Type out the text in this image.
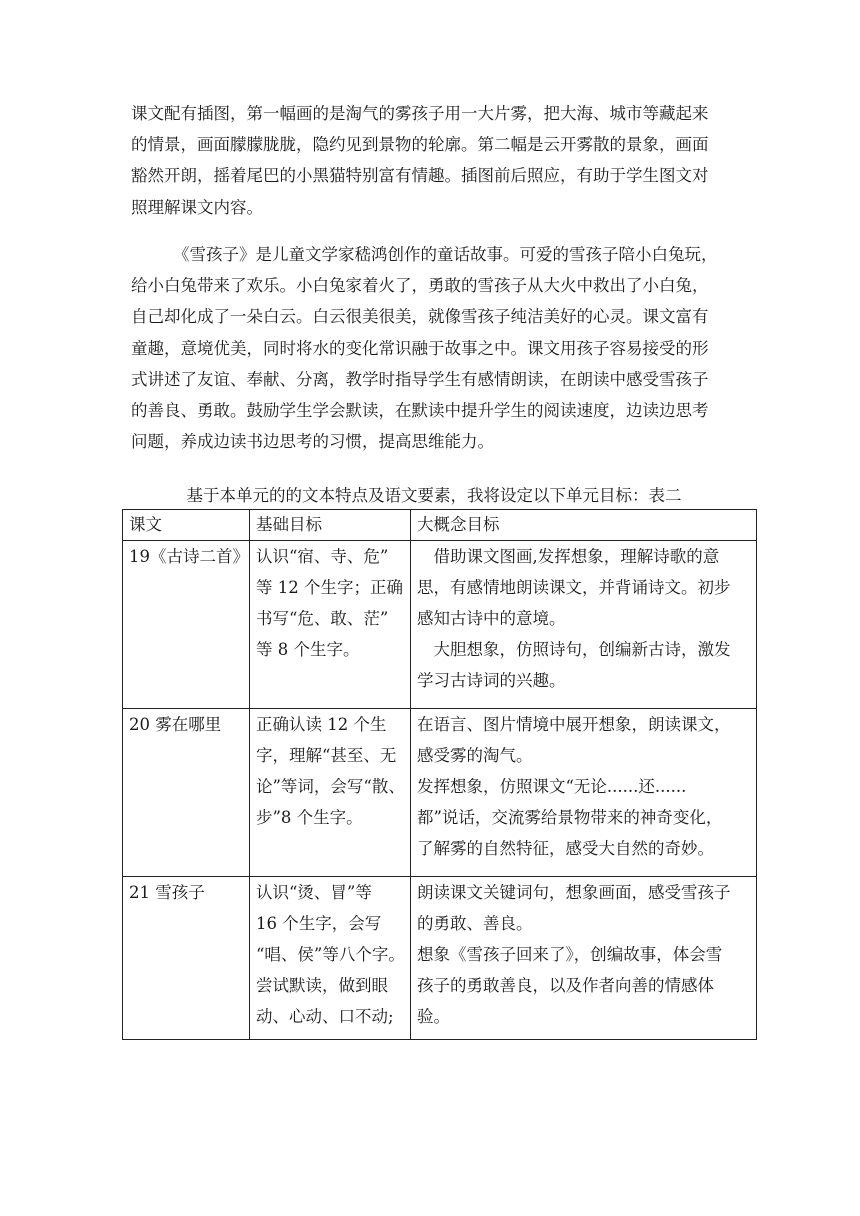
课文配有插图，第一幅画的是淘气的雾孩子用一大片雾，把大海、城市等藏起来
的情景，画面朦朦胧胧，隐约见到景物的轮廓。第二幅是云开雾散的景象，画面
豁然开朗，摇着尾巴的小黑猫特别富有情趣。插图前后照应，有助于学生图文对
照理解课文内容。

《雪孩子》是儿童文学家嵇鸿创作的童话故事。可爱的雪孩子陪小白兔玩，
给小白兔带来了欢乐。小白兔家着火了，勇敢的雪孩子从大火中救出了小白兔，
自己却化成了一朵白云。白云很美很美，就像雪孩子纯洁美好的心灵。课文富有
童趣，意境优美，同时将水的变化常识融于故事之中。课文用孩子容易接受的形
式讲述了友谊、奉献、分离，教学时指导学生有感情朗读，在朗读中感受雪孩子
的善良、勇敢。鼓励学生学会默读，在默读中提升学生的阅读速度，边读边思考
问题，养成边读书边思考的习惯，提高思维能力。

基于本单元的的文本特点及语文要素，我将设定以下单元目标：表二

课文	基础目标	大概念目标

19《古诗二首》	认识“宿、寺、危”
等 12 个生字；正确
书写“危、敢、茫”
等 8 个生字。	　借助课文图画,发挥想象，理解诗歌的意
思，有感情地朗读课文，并背诵诗文。初步
感知古诗中的意境。
　大胆想象，仿照诗句，创编新古诗，激发
学习古诗词的兴趣。

20 雾在哪里	正确认读 12 个生
字，理解“甚至、无
论”等词，会写“散、
步”8 个生字。	在语言、图片情境中展开想象，朗读课文，
感受雾的淘气。
发挥想象，仿照课文“无论......还......
都”说话，交流雾给景物带来的神奇变化，
了解雾的自然特征，感受大自然的奇妙。

21 雪孩子	认识“烫、冒”等
16 个生字，会写
“唱、侯”等八个字。
尝试默读，做到眼
动、心动、口不动;	朗读课文关键词句，想象画面，感受雪孩子
的勇敢、善良。
想象《雪孩子回来了》，创编故事，体会雪
孩子的勇敢善良，以及作者向善的情感体
验。
